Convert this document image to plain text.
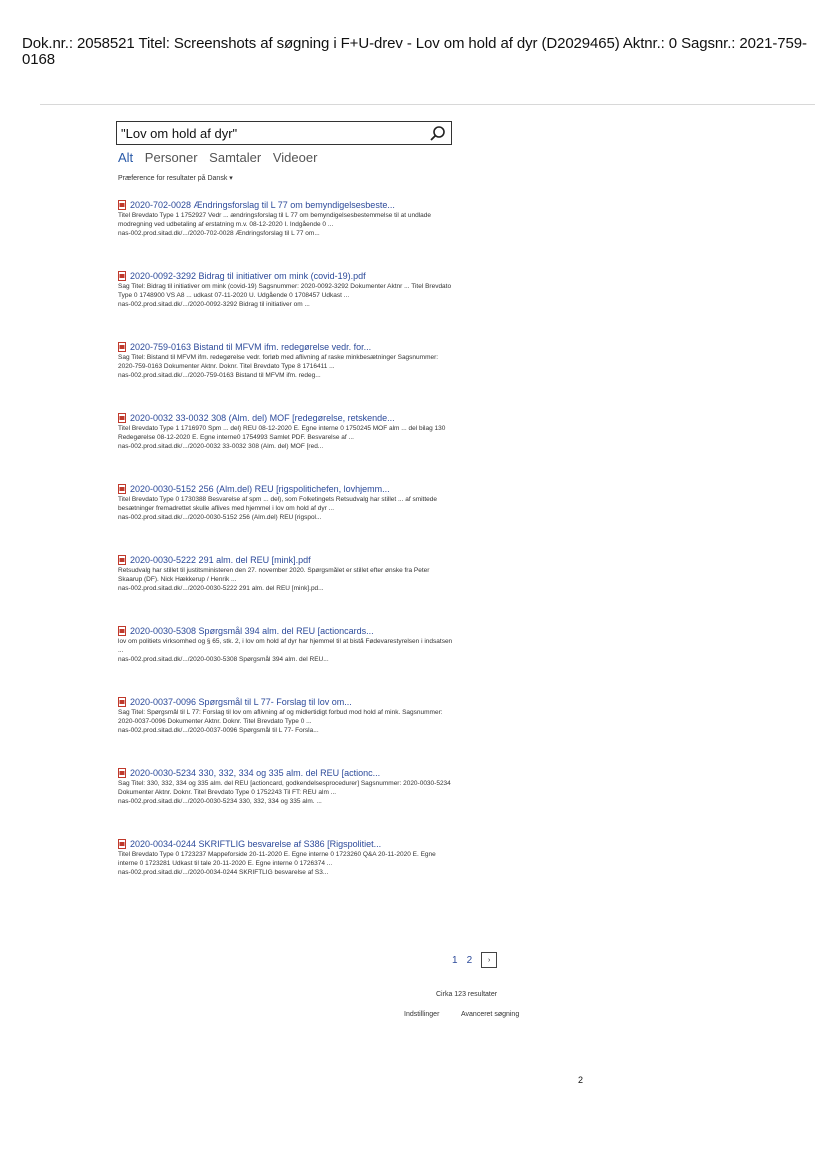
Dok.nr.: 2058521 Titel: Screenshots af søgning i F+U-drev - Lov om hold af dyr (D2029465) Aktnr.: 0 Sagsnr.: 2021-759-0168
"Lov om hold af dyr"
Alt Personer Samtaler Videoer
Præference for resultater på Dansk ▾
2020-702-0028 Ændringsforslag til L 77 om bemyndigelsesbeste...
Titel Brevdato Type 1 1752927 Vedr ... ændringsforslag til L 77 om bemyndigelsesbestemmelse til at undlade modregning ved udbetaling af erstatning m.v. 08-12-2020 I. Indgående 0 ...
nas-002.prod.sitad.dk/.../2020-702-0028 Ændringsforslag til L 77 om...
2020-0092-3292 Bidrag til initiativer om mink (covid-19).pdf
Sag Titel: Bidrag til initiativer om mink (covid-19) Sagsnummer: 2020-0092-3292 Dokumenter Aktnr ... Titel Brevdato Type 0 1748900 VS A8 ... udkast 07-11-2020 U. Udgående 0 1708457 Udkast ...
nas-002.prod.sitad.dk/.../2020-0092-3292 Bidrag til initiativer om ...
2020-759-0163 Bistand til MFVM ifm. redegørelse vedr. for...
Sag Titel: Bistand til MFVM ifm. redegørelse vedr. forløb med aflivning af raske minkbesætninger Sagsnummer: 2020-759-0163 Dokumenter Aktnr. Doknr. Titel Brevdato Type 8 1716411 ...
nas-002.prod.sitad.dk/.../2020-759-0163 Bistand til MFVM ifm. redeg...
2020-0032 33-0032 308 (Alm. del) MOF [redegørelse, retskende...
Titel Brevdato Type 1 1716970 Spm ... del) REU 08-12-2020 E. Egne interne 0 1750245 MOF alm ... del bilag 130 Redegørelse 08-12-2020 E. Egne interne0 1754993 Samlet PDF. Besvarelse af ...
nas-002.prod.sitad.dk/.../2020-0032 33-0032 308 (Alm. del) MOF [red...
2020-0030-5152 256 (Alm.del) REU [rigspolitichefen, lovhjemm...
Titel Brevdato Type 0 1730388 Besvarelse af spm ... del), som Folketingets Retsudvalg har stillet ... af smittede besætninger fremadrettet skulle aflives med hjemmel i lov om hold af dyr ...
nas-002.prod.sitad.dk/.../2020-0030-5152 256 (Alm.del) REU [rigspol...
2020-0030-5222 291 alm. del REU [mink].pdf
Retsudvalg har stillet til justitsministeren den 27. november 2020. Spørgsmålet er stillet efter ønske fra Peter Skaarup (DF). Nick Hækkerup / Henrik ...
nas-002.prod.sitad.dk/.../2020-0030-5222 291 alm. del REU [mink].pd...
2020-0030-5308 Spørgsmål 394 alm. del REU [actioncards...
lov om politiets virksomhed og § 65, stk. 2, i lov om hold af dyr har hjemmel til at bistå Fødevarestyrelsen i indsatsen ...
nas-002.prod.sitad.dk/.../2020-0030-5308 Spørgsmål 394 alm. del REU...
2020-0037-0096 Spørgsmål til L 77- Forslag til lov om...
Sag Titel: Spørgsmål til L 77: Forslag til lov om aflivning af og midlertidigt forbud mod hold af mink. Sagsnummer: 2020-0037-0096 Dokumenter Aktnr. Doknr. Titel Brevdato Type 0 ...
nas-002.prod.sitad.dk/.../2020-0037-0096 Spørgsmål til L 77- Forsla...
2020-0030-5234 330, 332, 334 og 335 alm. del REU [actionc...
Sag Titel: 330, 332, 334 og 335 alm. del REU [actioncard, godkendelsesprocedurer] Sagsnummer: 2020-0030-5234 Dokumenter Aktnr. Doknr. Titel Brevdato Type 0 1752243 Til FT: REU alm ...
nas-002.prod.sitad.dk/.../2020-0030-5234 330, 332, 334 og 335 alm. ...
2020-0034-0244 SKRIFTLIG besvarelse af S386 [Rigspolitiet...
Titel Brevdato Type 0 1723237 Mappeforside 20-11-2020 E. Egne interne 0 1723260 Q&A 20-11-2020 E. Egne interne 0 1723281 Udkast til tale 20-11-2020 E. Egne interne 0 1726374 ...
nas-002.prod.sitad.dk/.../2020-0034-0244 SKRIFTLIG besvarelse af S3...
1 2	›
Cirka 123 resultater
Indstillinger	Avanceret søgning
2
